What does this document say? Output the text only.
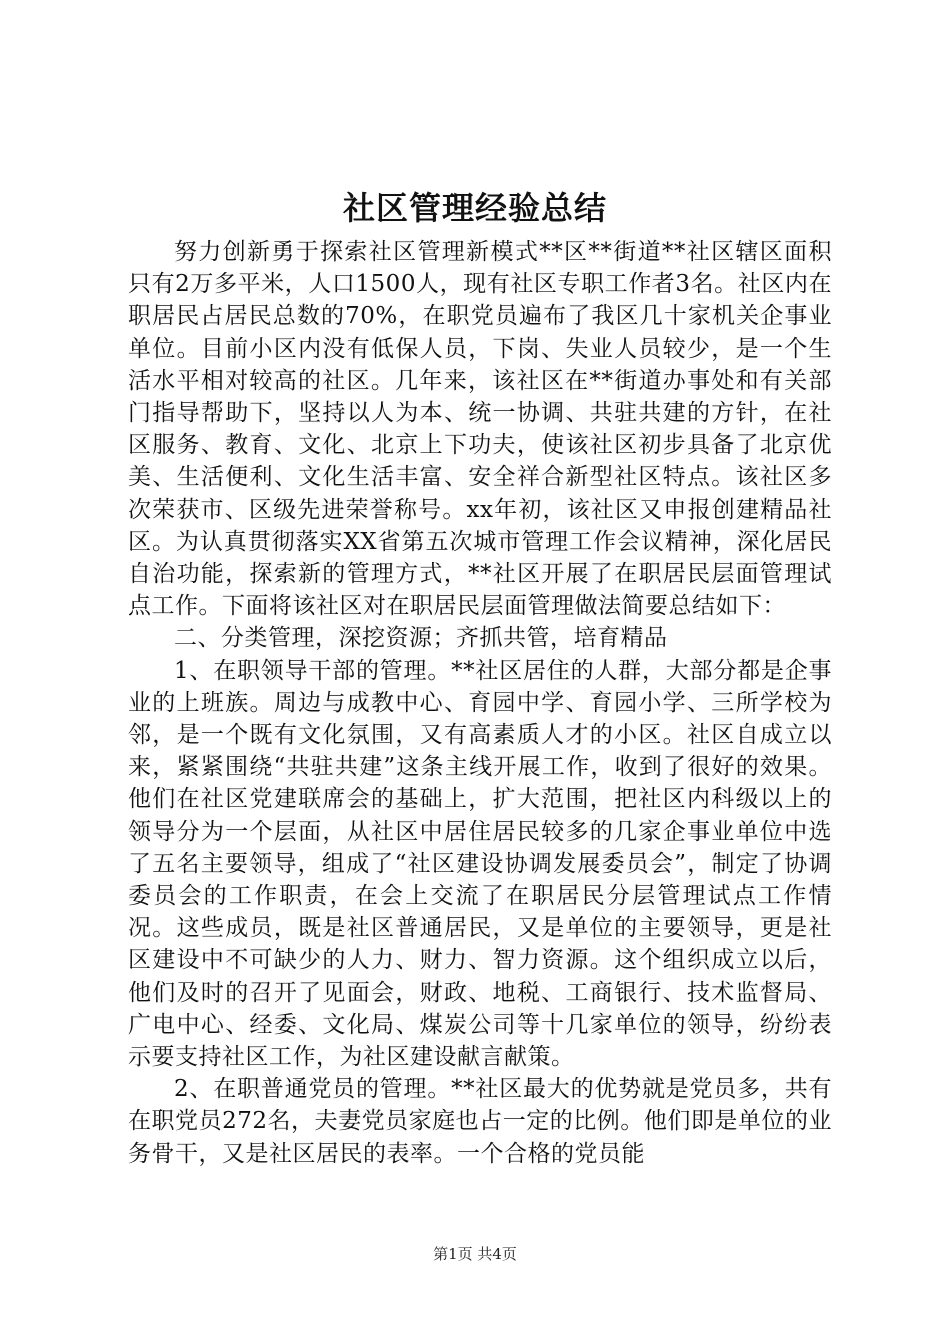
社区管理经验总结

努力创新勇于探索社区管理新模式**区**街道**社区辖区面积只有2万多平米，人口1500人，现有社区专职工作者3名。社区内在职居民占居民总数的70%，在职党员遍布了我区几十家机关企事业单位。目前小区内没有低保人员，下岗、失业人员较少，是一个生活水平相对较高的社区。几年来，该社区在**街道办事处和有关部门指导帮助下，坚持以人为本、统一协调、共驻共建的方针，在社区服务、教育、文化、北京上下功夫，使该社区初步具备了北京优美、生活便利、文化生活丰富、安全祥合新型社区特点。该社区多次荣获市、区级先进荣誉称号。xx年初，该社区又申报创建精品社区。为认真贯彻落实XX省第五次城市管理工作会议精神，深化居民自治功能，探索新的管理方式，**社区开展了在职居民层面管理试点工作。下面将该社区对在职居民层面管理做法简要总结如下：

二、分类管理，深挖资源；齐抓共管，培育精品

1、在职领导干部的管理。**社区居住的人群，大部分都是企事业的上班族。周边与成教中心、育园中学、育园小学、三所学校为邻，是一个既有文化氛围，又有高素质人才的小区。社区自成立以来，紧紧围绕“共驻共建”这条主线开展工作，收到了很好的效果。他们在社区党建联席会的基础上，扩大范围，把社区内科级以上的领导分为一个层面，从社区中居住居民较多的几家企事业单位中选了五名主要领导，组成了“社区建设协调发展委员会”，制定了协调委员会的工作职责，在会上交流了在职居民分层管理试点工作情况。这些成员，既是社区普通居民，又是单位的主要领导，更是社区建设中不可缺少的人力、财力、智力资源。这个组织成立以后，他们及时的召开了见面会，财政、地税、工商银行、技术监督局、广电中心、经委、文化局、煤炭公司等十几家单位的领导，纷纷表示要支持社区工作，为社区建设献言献策。

2、在职普通党员的管理。**社区最大的优势就是党员多，共有在职党员272名，夫妻党员家庭也占一定的比例。他们即是单位的业务骨干，又是社区居民的表率。一个合格的党员能

第1页 共4页
